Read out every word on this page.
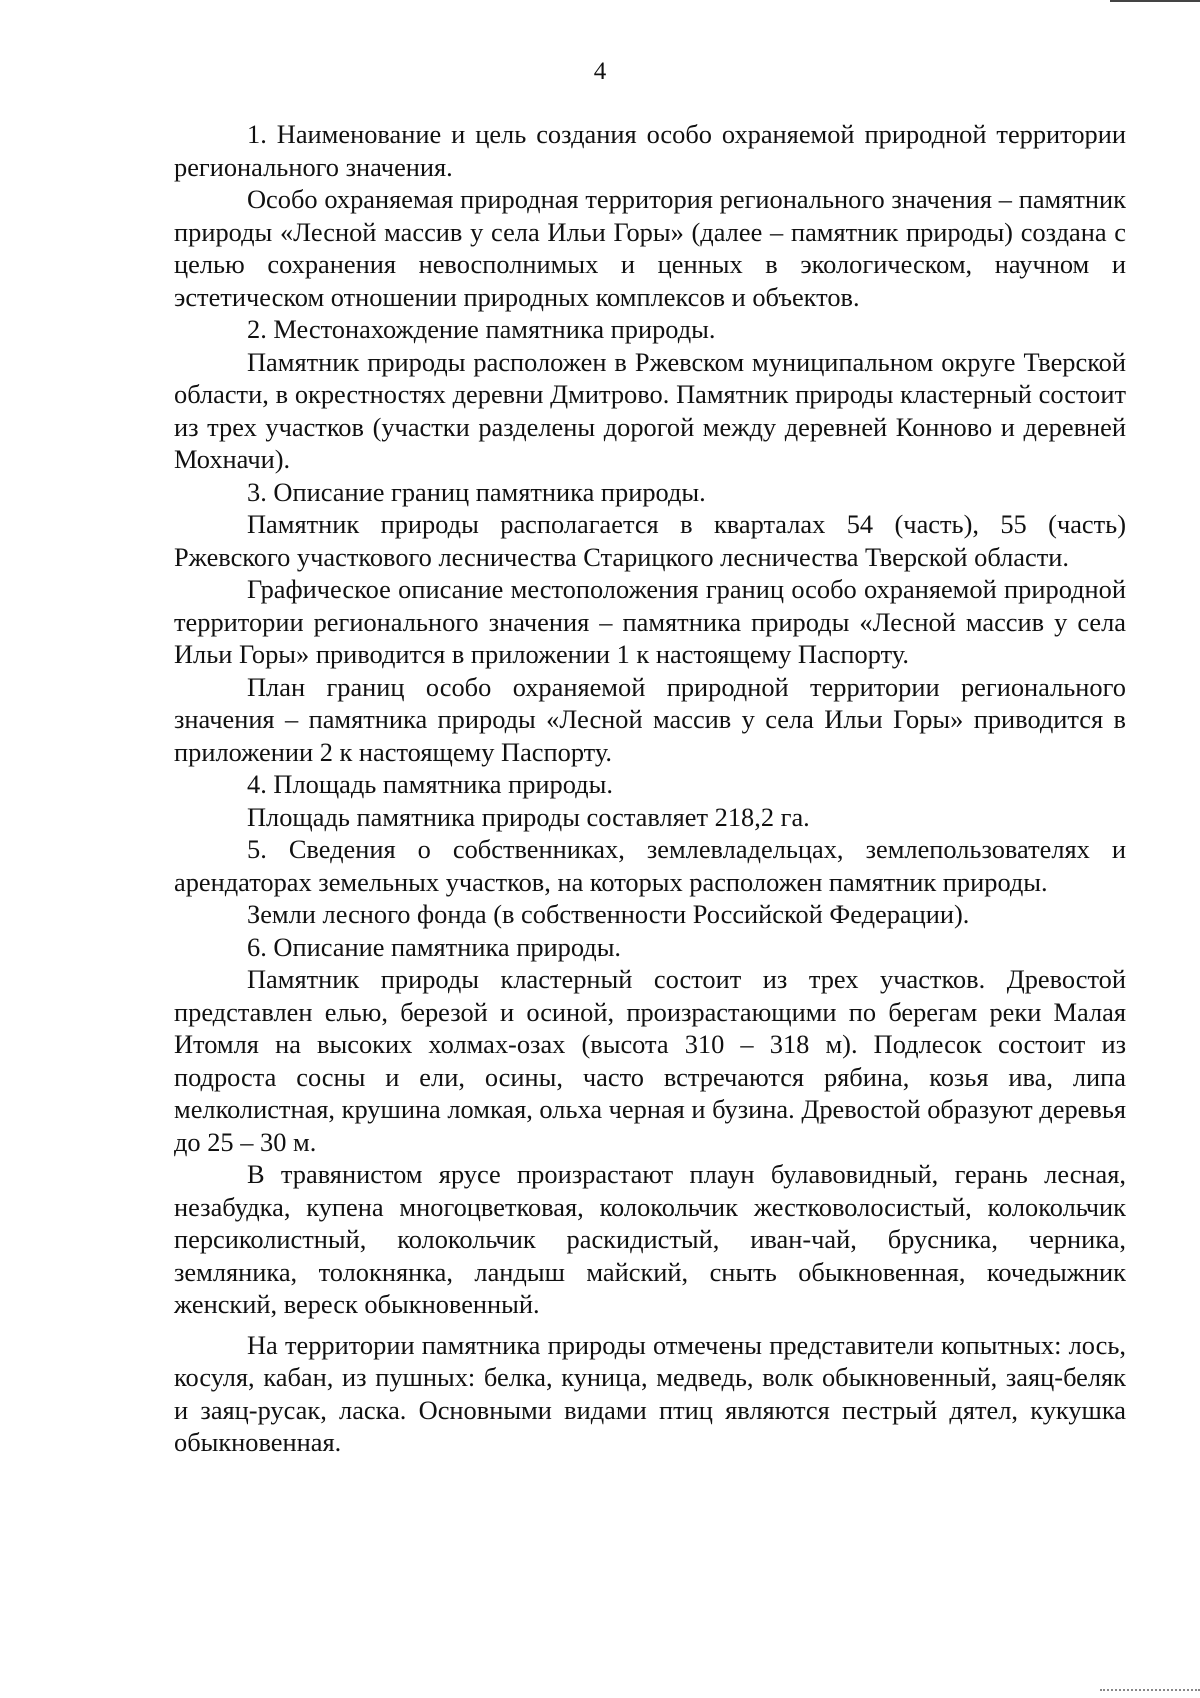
4

1. Наименование и цель создания особо охраняемой природной территории регионального значения.

Особо охраняемая природная территория регионального значения – памятник природы «Лесной массив у села Ильи Горы» (далее – памятник природы) создана с целью сохранения невосполнимых и ценных в экологическом, научном и эстетическом отношении природных комплексов и объектов.

2. Местонахождение памятника природы.

Памятник природы расположен в Ржевском муниципальном округе Тверской области, в окрестностях деревни Дмитрово. Памятник природы кластерный состоит из трех участков (участки разделены дорогой между деревней Конново и деревней Мохначи).

3. Описание границ памятника природы.

Памятник природы располагается в кварталах 54 (часть), 55 (часть) Ржевского участкового лесничества Старицкого лесничества Тверской области.

Графическое описание местоположения границ особо охраняемой природной территории регионального значения – памятника природы «Лесной массив у села Ильи Горы» приводится в приложении 1 к настоящему Паспорту.

План границ особо охраняемой природной территории регионального значения – памятника природы «Лесной массив у села Ильи Горы» приводится в приложении 2 к настоящему Паспорту.

4. Площадь памятника природы.

Площадь памятника природы составляет 218,2 га.

5. Сведения о собственниках, землевладельцах, землепользователях и арендаторах земельных участков, на которых расположен памятник природы.

Земли лесного фонда (в собственности Российской Федерации).

6. Описание памятника природы.

Памятник природы кластерный состоит из трех участков. Древостой представлен елью, березой и осиной, произрастающими по берегам реки Малая Итомля на высоких холмах-озах (высота 310 – 318 м). Подлесок состоит из подроста сосны и ели, осины, часто встречаются рябина, козья ива, липа мелколистная, крушина ломкая, ольха черная и бузина. Древостой образуют деревья до 25 – 30 м.

В травянистом ярусе произрастают плаун булавовидный, герань лесная, незабудка, купена многоцветковая, колокольчик жестковолосистый, колокольчик персиколистный, колокольчик раскидистый, иван-чай, брусника, черника, земляника, толокнянка, ландыш майский, сныть обыкновенная, кочедыжник женский, вереск обыкновенный.

На территории памятника природы отмечены представители копытных: лось, косуля, кабан, из пушных: белка, куница, медведь, волк обыкновенный, заяц-беляк и заяц-русак, ласка. Основными видами птиц являются пестрый дятел, кукушка обыкновенная.
